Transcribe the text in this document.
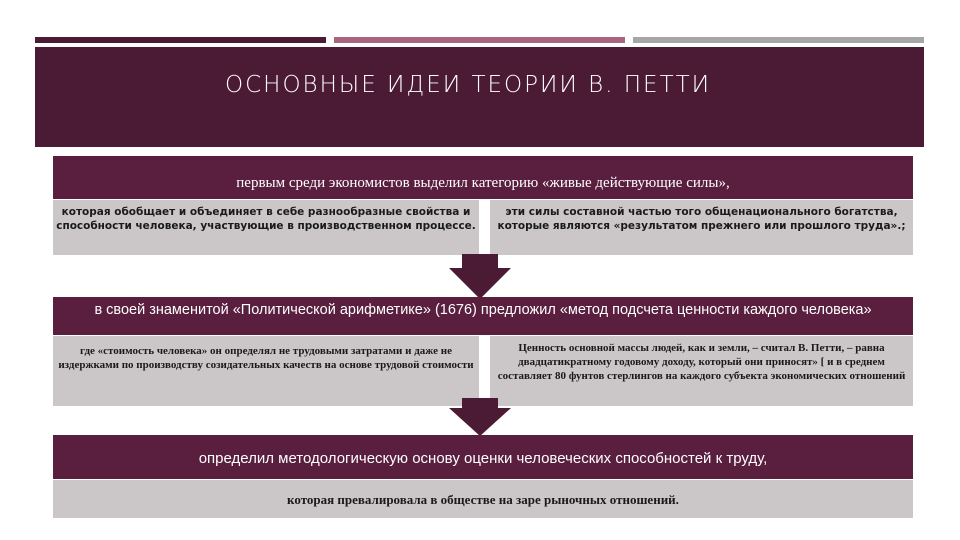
ОСНОВНЫЕ ИДЕИ ТЕОРИИ В. ПЕТТИ
первым среди экономистов выделил категорию «живые действующие силы»,
которая обобщает и объединяет в себе разнообразные свойства и способности человека, участвующие в производственном процессе.
эти силы составной частью того общенационального богатства, которые являются «результатом прежнего или прошлого труда».;
в своей знаменитой «Политической арифметике» (1676) предложил «метод подсчета ценности каждого человека»
где «стоимость человека» он определял не трудовыми затратами и даже не издержками по производству созидательных качеств на основе трудовой стоимости
Ценность основной массы людей, как и земли, – считал В. Петти, – равна двадцатикратному годовому доходу, который они приносят» [ и в среднем составляет 80 фунтов стерлингов на каждого субъекта экономических отношений
определил методологическую основу оценки человеческих способностей к труду,
которая превалировала в обществе на заре рыночных отношений.
